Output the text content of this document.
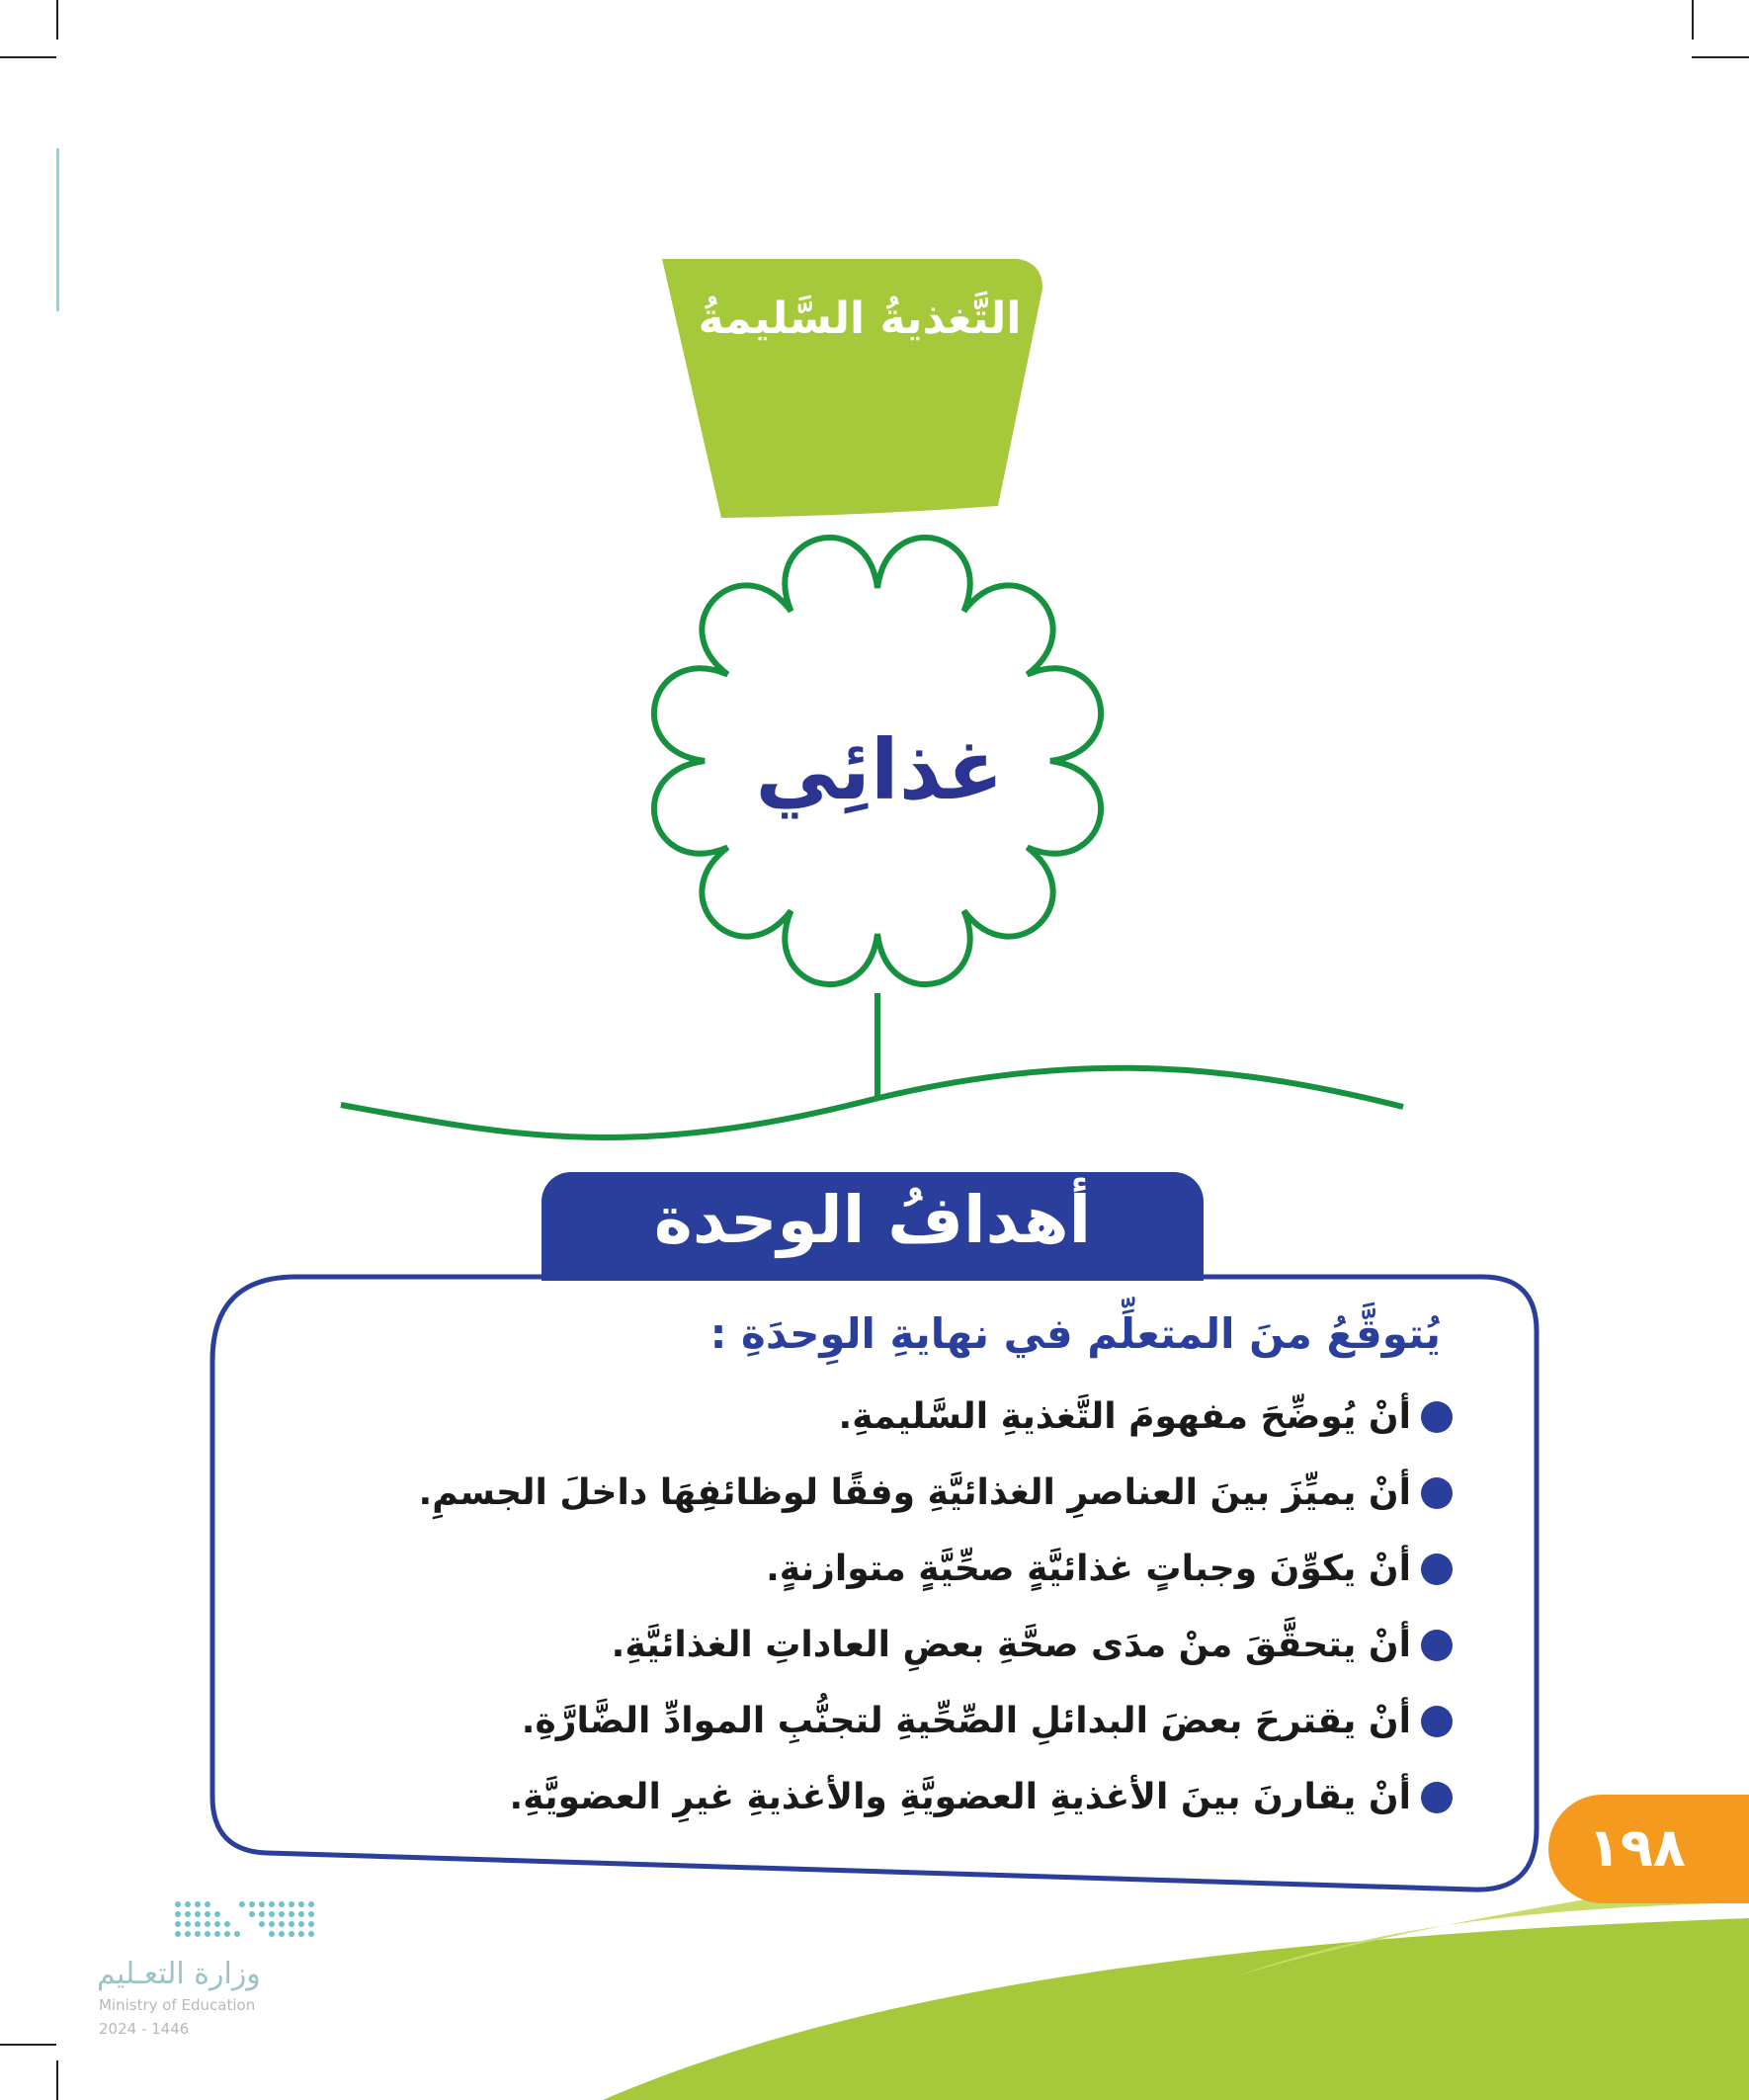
التَّغذيةُ السَّليمةُ
غذائِي
أهدافُ الوحدة
يُتوقَّعُ منَ المتعلِّم في نهايةِ الوِحدَةِ :
أنْ يُوضِّحَ مفهومَ التَّغذيةِ السَّليمةِ.
أنْ يميِّزَ بينَ العناصرِ الغذائيَّةِ وفقًا لوظائفِهَا داخلَ الجسمِ.
أنْ يكوِّنَ وجباتٍ غذائيَّةٍ صحِّيَّةٍ متوازنةٍ.
أنْ يتحقَّقَ منْ مدَى صحَّةِ بعضِ العاداتِ الغذائيَّةِ.
أنْ يقترحَ بعضَ البدائلِ الصِّحِّيةِ لتجنُّبِ الموادِّ الضَّارَّةِ.
أنْ يقارنَ بينَ الأغذيةِ العضويَّةِ والأغذيةِ غيرِ العضويَّةِ.
١٩٨
وزارة التعـليم
Ministry of Education
2024 - 1446
